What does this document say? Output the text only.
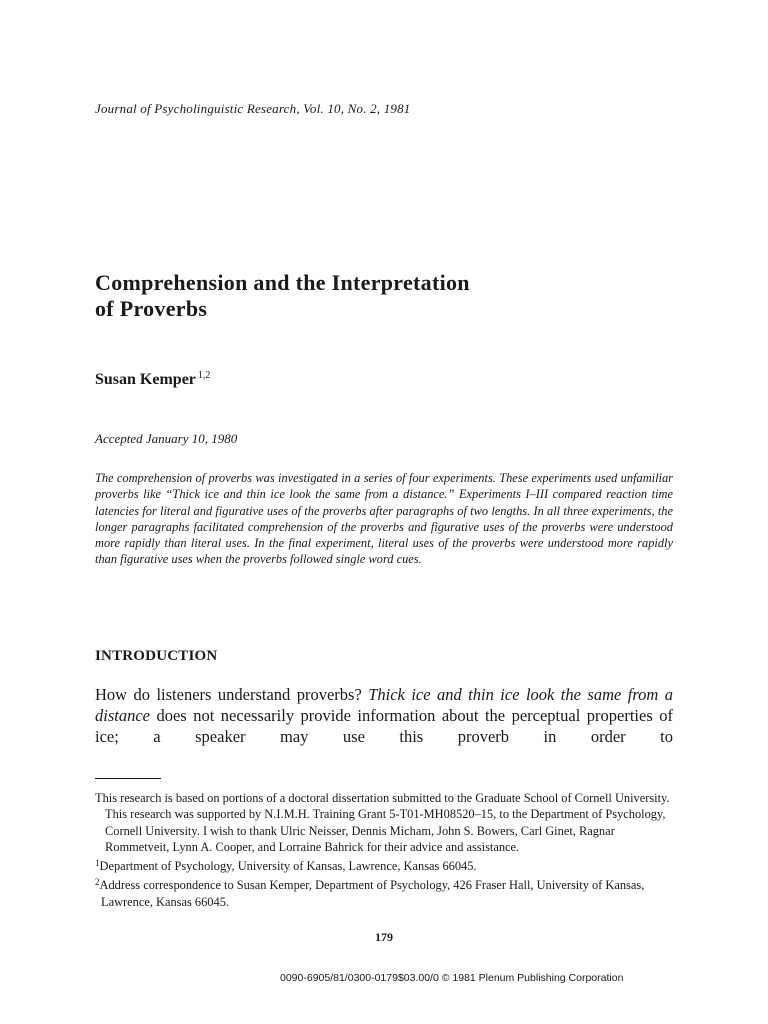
Journal of Psycholinguistic Research, Vol. 10, No. 2, 1981
Comprehension and the Interpretation
of Proverbs
Susan Kemper $^{1,2}$
Accepted January 10, 1980
The comprehension of proverbs was investigated in a series of four experiments. These experiments used unfamiliar proverbs like “Thick ice and thin ice look the same from a distance.” Experiments I–III compared reaction time latencies for literal and figurative uses of the proverbs after paragraphs of two lengths. In all three experiments, the longer paragraphs facilitated comprehension of the proverbs and figurative uses of the proverbs were understood more rapidly than literal uses. In the final experiment, literal uses of the proverbs were understood more rapidly than figurative uses when the proverbs followed single word cues.
INTRODUCTION
How do listeners understand proverbs? Thick ice and thin ice look the same from a distance does not necessarily provide information about the perceptual properties of ice; a speaker may use this proverb in order to

This research is based on portions of a doctoral dissertation submitted to the Graduate School of Cornell University. This research was supported by N.I.M.H. Training Grant 5-T01-MH08520–15, to the Department of Psychology, Cornell University. I wish to thank Ulric Neisser, Dennis Micham, John S. Bowers, Carl Ginet, Ragnar Rommetveit, Lynn A. Cooper, and Lorraine Bahrick for their advice and assistance.

$^1$Department of Psychology, University of Kansas, Lawrence, Kansas 66045.

$^2$Address correspondence to Susan Kemper, Department of Psychology, 426 Fraser Hall, University of Kansas, Lawrence, Kansas 66045.

179
0090-6905/81/0300-0179$03.00/0 © 1981 Plenum Publishing Corporation
